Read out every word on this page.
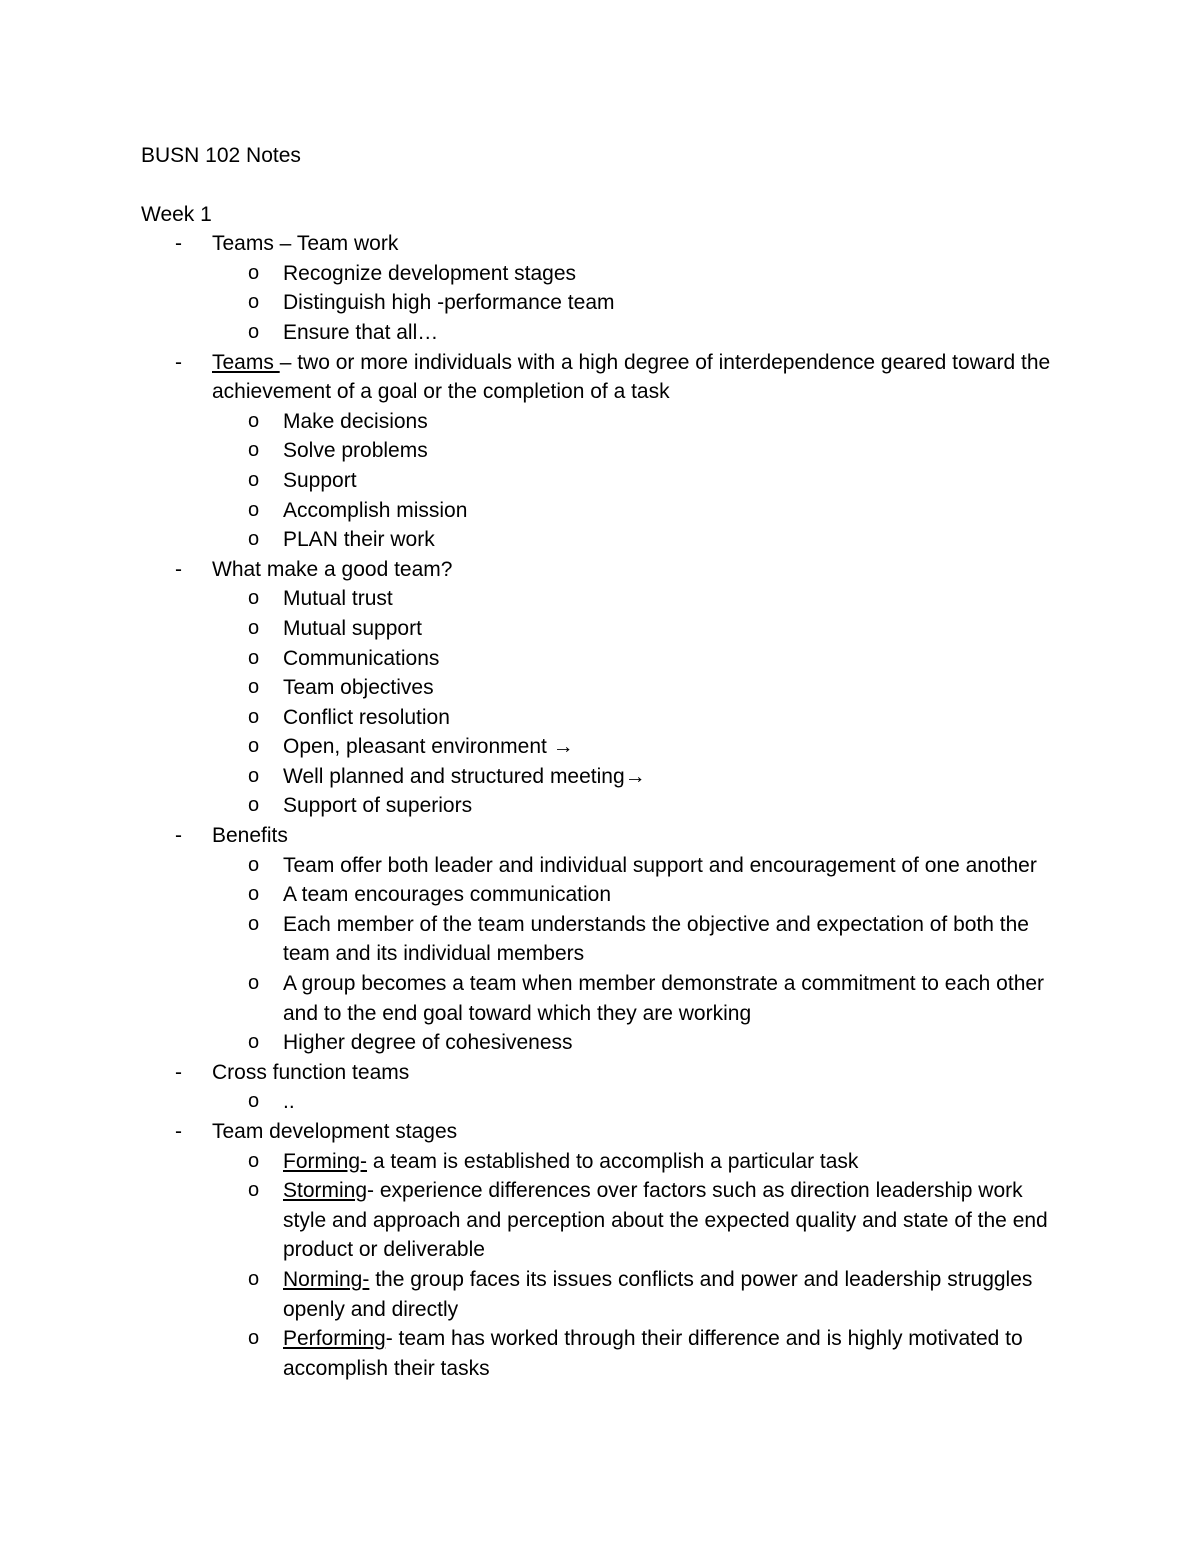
BUSN 102 Notes
Week 1
- Teams – Team work
o Recognize development stages
o Distinguish high -performance team
o Ensure that all…
- Teams – two or more individuals with a high degree of interdependence geared toward the achievement of a goal or the completion of a task
o Make decisions
o Solve problems
o Support
o Accomplish mission
o PLAN their work
- What make a good team?
o Mutual trust
o Mutual support
o Communications
o Team objectives
o Conflict resolution
o Open, pleasant environment →
o Well planned and structured meeting→
o Support of superiors
- Benefits
o Team offer both leader and individual support and encouragement of one another
o A team encourages communication
o Each member of the team understands the objective and expectation of both the team and its individual members
o A group becomes a team when member demonstrate a commitment to each other and to the end goal toward which they are working
o Higher degree of cohesiveness
- Cross function teams
o ..
- Team development stages
o Forming- a team is established to accomplish a particular task
o Storming- experience differences over factors such as direction leadership work style and approach and perception about the expected quality and state of the end product or deliverable
o Norming- the group faces its issues conflicts and power and leadership struggles openly and directly
o Performing- team has worked through their difference and is highly motivated to accomplish their tasks
